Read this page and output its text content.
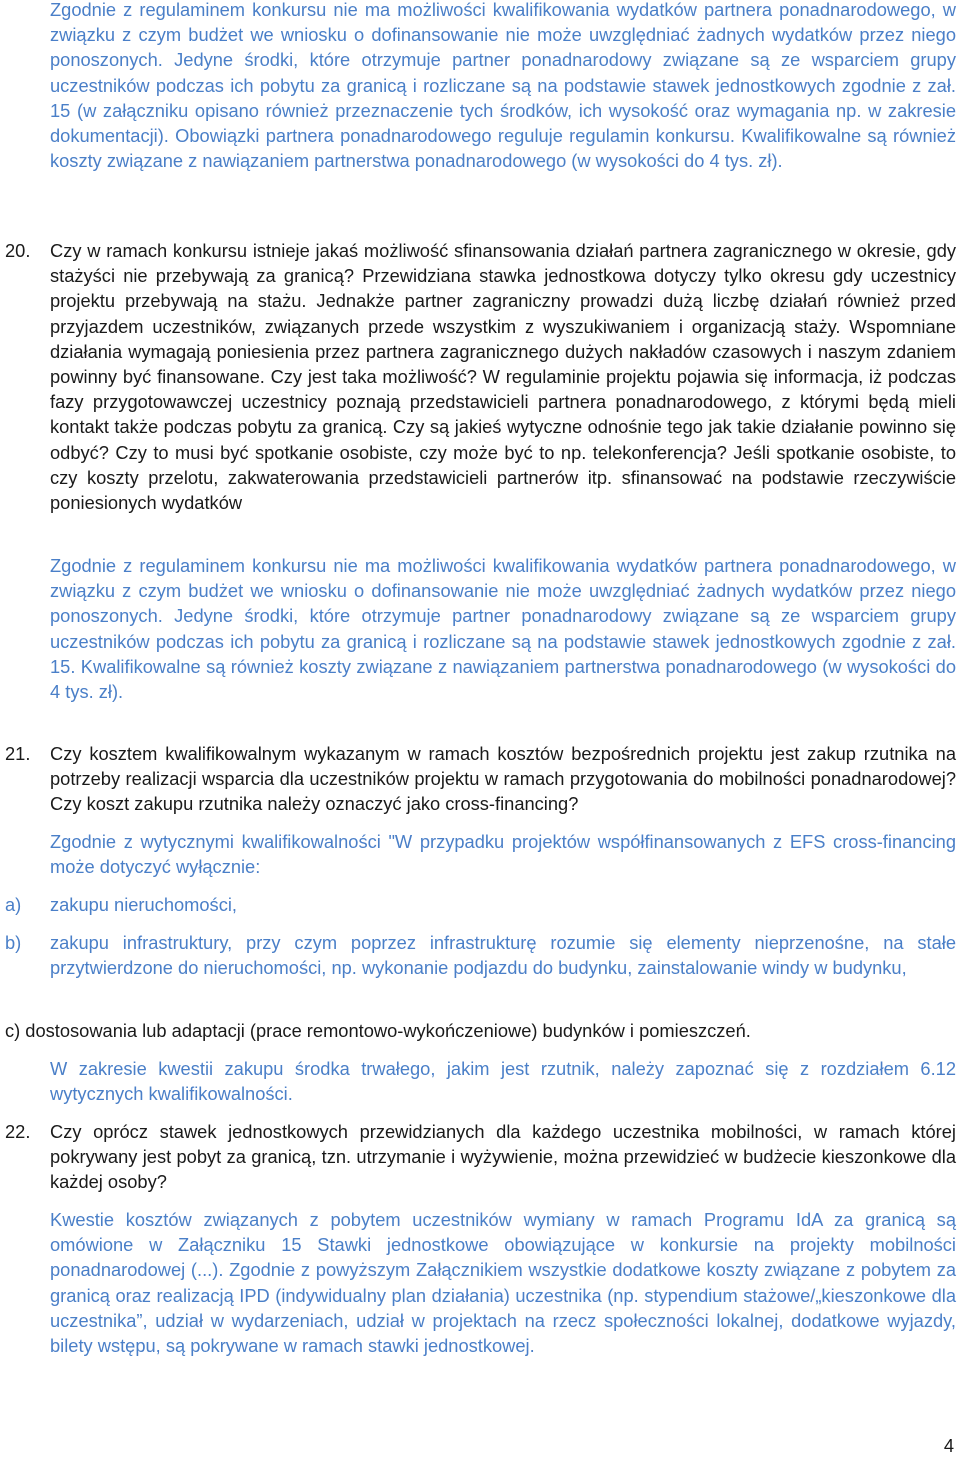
Zgodnie z regulaminem konkursu nie ma możliwości kwalifikowania wydatków partnera ponadnarodowego, w związku z czym budżet we wniosku o dofinansowanie nie może uwzględniać żadnych wydatków przez niego ponoszonych. Jedyne środki, które otrzymuje partner ponadnarodowy związane są ze wsparciem grupy uczestników podczas ich pobytu za granicą i rozliczane są na podstawie stawek jednostkowych zgodnie z zał. 15 (w załączniku opisano również przeznaczenie tych środków, ich wysokość oraz wymagania np. w zakresie dokumentacji). Obowiązki partnera ponadnarodowego reguluje regulamin konkursu. Kwalifikowalne są również koszty związane z nawiązaniem partnerstwa ponadnarodowego (w wysokości do 4 tys. zł).

20. Czy w ramach konkursu istnieje jakaś możliwość sfinansowania działań partnera zagranicznego w okresie, gdy stażyści nie przebywają za granicą? Przewidziana stawka jednostkowa dotyczy tylko okresu gdy uczestnicy projektu przebywają na stażu. Jednakże partner zagraniczny prowadzi dużą liczbę działań również przed przyjazdem uczestników, związanych przede wszystkim z wyszukiwaniem i organizacją staży. Wspomniane działania wymagają poniesienia przez partnera zagranicznego dużych nakładów czasowych i naszym zdaniem powinny być finansowane. Czy jest taka możliwość? W regulaminie projektu pojawia się informacja, iż podczas fazy przygotowawczej uczestnicy poznają przedstawicieli partnera ponadnarodowego, z którymi będą mieli kontakt także podczas pobytu za granicą. Czy są jakieś wytyczne odnośnie tego jak takie działanie powinno się odbyć? Czy to musi być spotkanie osobiste, czy może być to np. telekonferencja? Jeśli spotkanie osobiste, to czy koszty przelotu, zakwaterowania przedstawicieli partnerów itp. sfinansować na podstawie rzeczywiście poniesionych wydatków

Zgodnie z regulaminem konkursu nie ma możliwości kwalifikowania wydatków partnera ponadnarodowego, w związku z czym budżet we wniosku o dofinansowanie nie może uwzględniać żadnych wydatków przez niego ponoszonych. Jedyne środki, które otrzymuje partner ponadnarodowy związane są ze wsparciem grupy uczestników podczas ich pobytu za granicą i rozliczane są na podstawie stawek jednostkowych zgodnie z zał. 15. Kwalifikowalne są również koszty związane z nawiązaniem partnerstwa ponadnarodowego (w wysokości do 4 tys. zł).

21. Czy kosztem kwalifikowalnym wykazanym w ramach kosztów bezpośrednich projektu jest zakup rzutnika na potrzeby realizacji wsparcia dla uczestników projektu w ramach przygotowania do mobilności ponadnarodowej? Czy koszt zakupu rzutnika należy oznaczyć jako cross-financing?

Zgodnie z wytycznymi kwalifikowalności "W przypadku projektów współfinansowanych z EFS cross-financing może dotyczyć wyłącznie:

a) zakupu nieruchomości,

b) zakupu infrastruktury, przy czym poprzez infrastrukturę rozumie się elementy nieprzenośne, na stałe przytwierdzone do nieruchomości, np. wykonanie podjazdu do budynku, zainstalowanie windy w budynku,

c) dostosowania lub adaptacji (prace remontowo-wykończeniowe) budynków i pomieszczeń.

W zakresie kwestii zakupu środka trwałego, jakim jest rzutnik, należy zapoznać się z rozdziałem 6.12 wytycznych kwalifikowalności.

22. Czy oprócz stawek jednostkowych przewidzianych dla każdego uczestnika mobilności, w ramach której pokrywany jest pobyt za granicą, tzn. utrzymanie i wyżywienie, można przewidzieć w budżecie kieszonkowe dla każdej osoby?

Kwestie kosztów związanych z pobytem uczestników wymiany w ramach Programu IdA za granicą są omówione w Załączniku 15 Stawki jednostkowe obowiązujące w konkursie na projekty mobilności ponadnarodowej (...). Zgodnie z powyższym Załącznikiem wszystkie dodatkowe koszty związane z pobytem za granicą oraz realizacją IPD (indywidualny plan działania) uczestnika (np. stypendium stażowe/„kieszonkowe dla uczestnika”, udział w wydarzeniach, udział w projektach na rzecz społeczności lokalnej, dodatkowe wyjazdy, bilety wstępu, są pokrywane w ramach stawki jednostkowej.

4
